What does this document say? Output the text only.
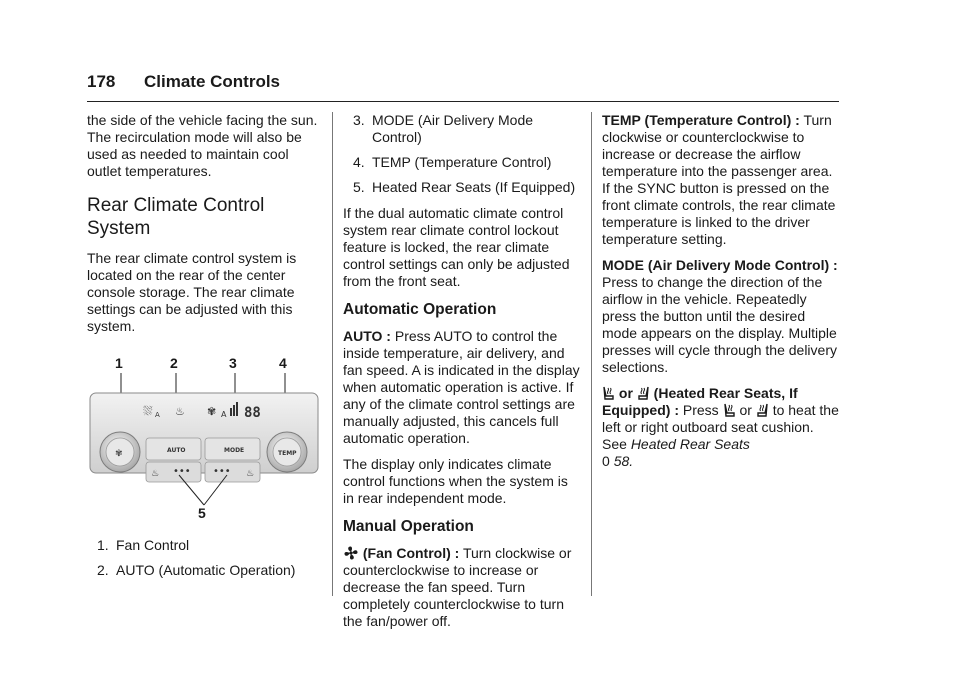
178 Climate Controls

the side of the vehicle facing the sun. The recirculation mode will also be used as needed to maintain cool outlet temperatures.

Rear Climate Control System

The rear climate control system is located on the rear of the center console storage. The rear climate settings can be adjusted with this system.

1	2	3	4
5
⛆ A ♨ ✾ A 88
✾	TEMP
AUTO	MODE
♨ ••• ••• ♨
1. Fan Control
2. AUTO (Automatic Operation)
3. MODE (Air Delivery Mode Control)
4. TEMP (Temperature Control)
5. Heated Rear Seats (If Equipped)

If the dual automatic climate control system rear climate control lockout feature is locked, the rear climate control settings can only be adjusted from the front seat.

Automatic Operation

AUTO : Press AUTO to control the inside temperature, air delivery, and fan speed. A is indicated in the display when automatic operation is active. If any of the climate control settings are manually adjusted, this cancels full automatic operation.

The display only indicates climate control functions when the system is in rear independent mode.

Manual Operation

(Fan Control) : Turn clockwise or counterclockwise to increase or decrease the fan speed. Turn completely counterclockwise to turn the fan/power off.

TEMP (Temperature Control) : Turn clockwise or counterclockwise to increase or decrease the airflow temperature into the passenger area. If the SYNC button is pressed on the front climate controls, the rear climate temperature is linked to the driver temperature setting.

MODE (Air Delivery Mode Control) : Press to change the direction of the airflow in the vehicle. Repeatedly press the button until the desired mode appears on the display. Multiple presses will cycle through the delivery selections.

or (Heated Rear Seats, If Equipped) : Press or to heat the left or right outboard seat cushion. See Heated Rear Seats
0 58.
